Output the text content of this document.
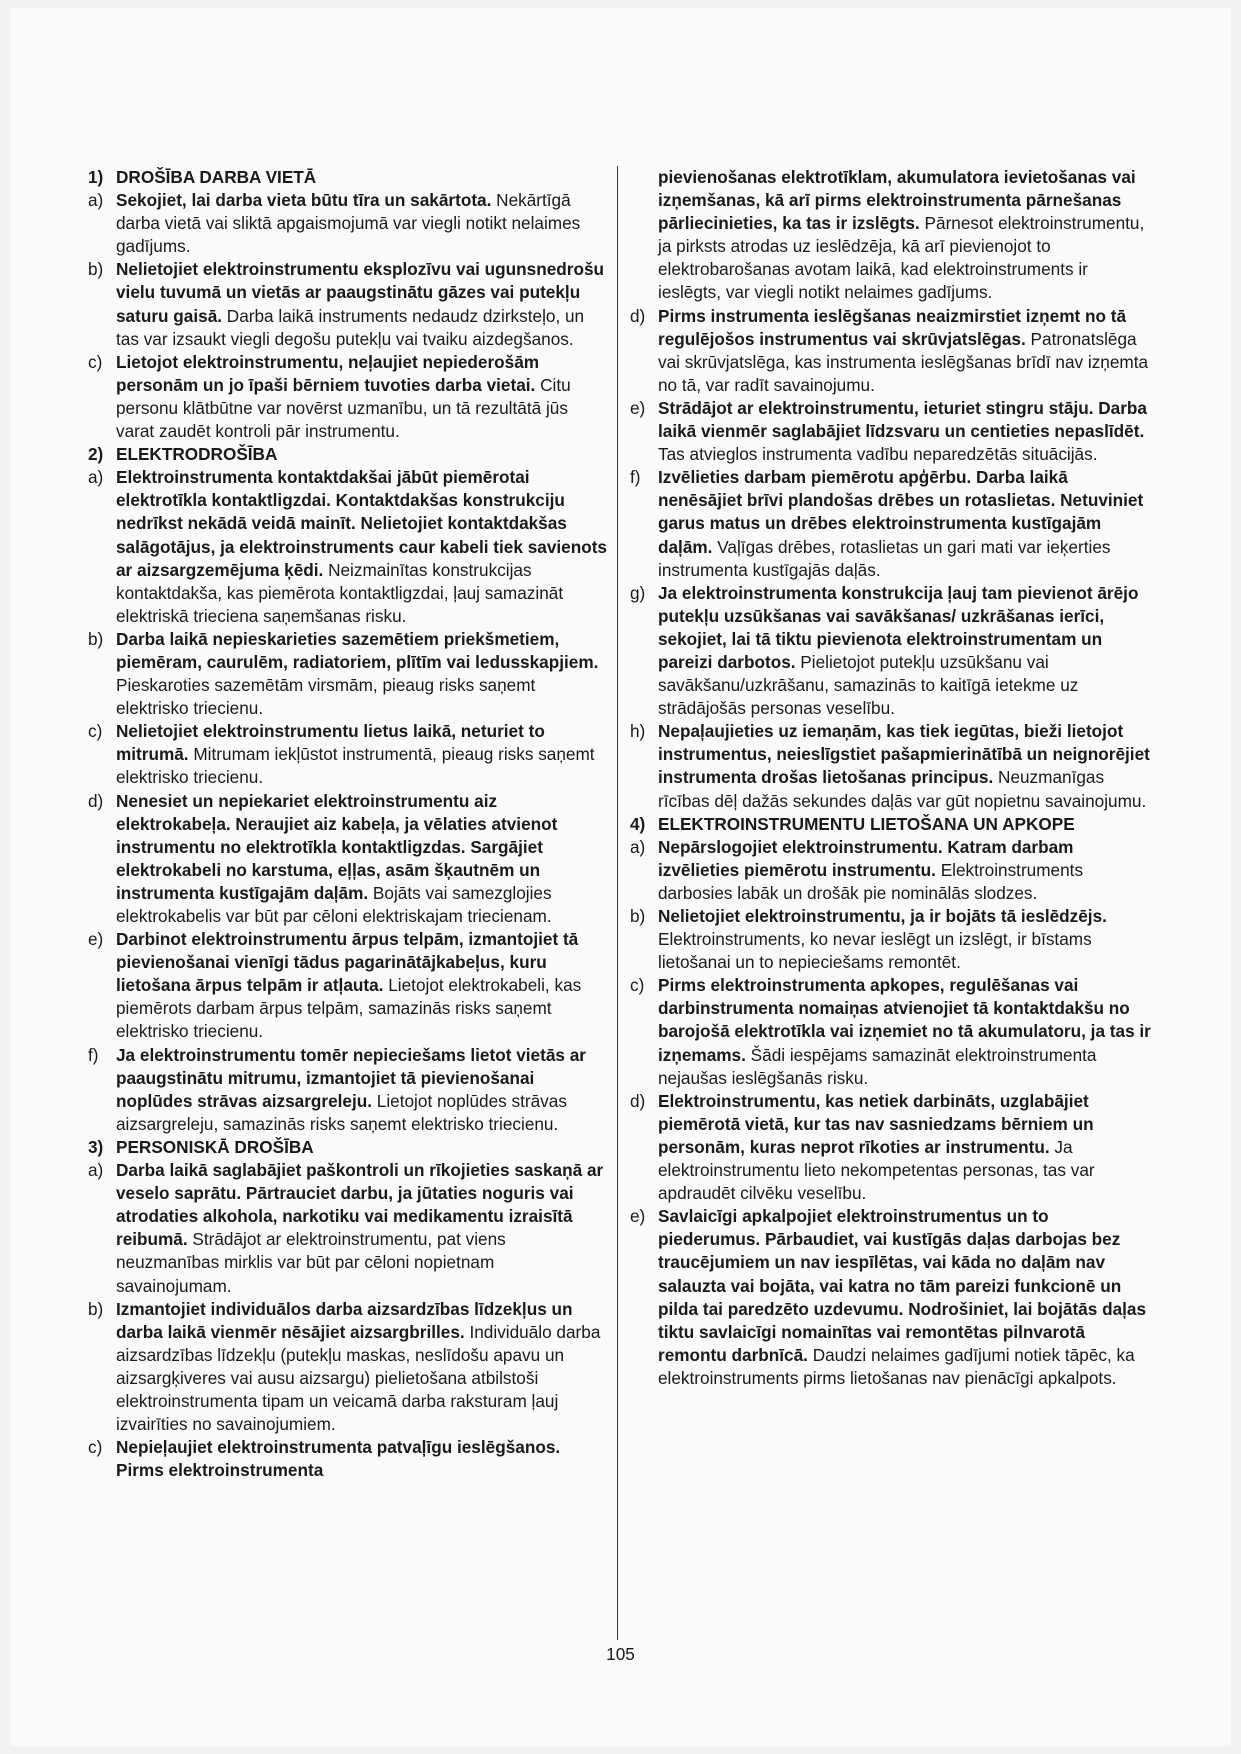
1) DROŠĪBA DARBA VIETĀ

a) Sekojiet, lai darba vieta būtu tīra un sakārtota. Nekārtīgā darba vietā vai sliktā apgaismojumā var viegli notikt nelaimes gadījums.

b) Nelietojiet elektroinstrumentu eksplozīvu vai ugunsnedrošu vielu tuvumā un vietās ar paaugstinātu gāzes vai putekļu saturu gaisā. Darba laikā instruments nedaudz dzirksteļo, un tas var izsaukt viegli degošu putekļu vai tvaiku aizdegšanos.

c) Lietojot elektroinstrumentu, neļaujiet nepiederošām personām un jo īpaši bērniem tuvoties darba vietai. Citu personu klātbūtne var novērst uzmanību, un tā rezultātā jūs varat zaudēt kontroli pār instrumentu.

2) ELEKTRODROŠĪBA

a) Elektroinstrumenta kontaktdakšai jābūt piemērotai elektrotīkla kontaktligzdai. Kontaktdakšas konstrukciju nedrīkst nekādā veidā mainīt. Nelietojiet kontaktdakšas salāgotājus, ja elektroinstruments caur kabeli tiek savienots ar aizsargzemējuma ķēdi. Neizmainītas konstrukcijas kontaktdakša, kas piemērota kontaktligzdai, ļauj samazināt elektriskā trieciena saņemšanas risku.

b) Darba laikā nepieskarieties sazemētiem priekšmetiem, piemēram, caurulēm, radiatoriem, plītīm vai ledusskapjiem. Pieskaroties sazemētām virsmām, pieaug risks saņemt elektrisko triecienu.

c) Nelietojiet elektroinstrumentu lietus laikā, neturiet to mitrumā. Mitrumam iekļūstot instrumentā, pieaug risks saņemt elektrisko triecienu.

d) Nenesiet un nepiekariet elektroinstrumentu aiz elektrokabeļa. Neraujiet aiz kabeļa, ja vēlaties atvienot instrumentu no elektrotīkla kontaktligzdas. Sargājiet elektrokabeli no karstuma, eļļas, asām šķautnēm un instrumenta kustīgajām daļām. Bojāts vai samezglojies elektrokabelis var būt par cēloni elektriskajam triecienam.

e) Darbinot elektroinstrumentu ārpus telpām, izmantojiet tā pievienošanai vienīgi tādus pagarinātājkabeļus, kuru lietošana ārpus telpām ir atļauta. Lietojot elektrokabeli, kas piemērots darbam ārpus telpām, samazinās risks saņemt elektrisko triecienu.

f) Ja elektroinstrumentu tomēr nepieciešams lietot vietās ar paaugstinātu mitrumu, izmantojiet tā pievienošanai noplūdes strāvas aizsargreleju. Lietojot noplūdes strāvas aizsargreleju, samazinās risks saņemt elektrisko triecienu.

3) PERSONISKĀ DROŠĪBA

a) Darba laikā saglabājiet paškontroli un rīkojieties saskaņā ar veselo saprātu. Pārtrauciet darbu, ja jūtaties noguris vai atrodaties alkohola, narkotiku vai medikamentu izraisītā reibumā. Strādājot ar elektroinstrumentu, pat viens neuzmanības mirklis var būt par cēloni nopietnam savainojumam.

b) Izmantojiet individuālos darba aizsardzības līdzekļus un darba laikā vienmēr nēsājiet aizsargbrilles. Individuālo darba aizsardzības līdzekļu (putekļu maskas, neslīdošu apavu un aizsargķiveres vai ausu aizsargu) pielietošana atbilstoši elektroinstrumenta tipam un veicamā darba raksturam ļauj izvairīties no savainojumiem.

c) Nepieļaujiet elektroinstrumenta patvaļīgu ieslēgšanos. Pirms elektroinstrumenta

pievienošanas elektrotīklam, akumulatora ievietošanas vai izņemšanas, kā arī pirms elektroinstrumenta pārnešanas pārliecinieties, ka tas ir izslēgts. Pārnesot elektroinstrumentu, ja pirksts atrodas uz ieslēdzēja, kā arī pievienojot to elektrobarošanas avotam laikā, kad elektroinstruments ir ieslēgts, var viegli notikt nelaimes gadījums.

d) Pirms instrumenta ieslēgšanas neaizmirstiet izņemt no tā regulējošos instrumentus vai skrūvjatslēgas. Patronatslēga vai skrūvjatslēga, kas instrumenta ieslēgšanas brīdī nav izņemta no tā, var radīt savainojumu.

e) Strādājot ar elektroinstrumentu, ieturiet stingru stāju. Darba laikā vienmēr saglabājiet līdzsvaru un centieties nepaslīdēt. Tas atvieglos instrumenta vadību neparedzētās situācijās.

f) Izvēlieties darbam piemērotu apģērbu. Darba laikā nenēsājiet brīvi plandošas drēbes un rotaslietas. Netuviniet garus matus un drēbes elektroinstrumenta kustīgajām daļām. Vaļīgas drēbes, rotaslietas un gari mati var ieķerties instrumenta kustīgajās daļās.

g) Ja elektroinstrumenta konstrukcija ļauj tam pievienot ārējo putekļu uzsūkšanas vai savākšanas/ uzkrāšanas ierīci, sekojiet, lai tā tiktu pievienota elektroinstrumentam un pareizi darbotos. Pielietojot putekļu uzsūkšanu vai savākšanu/uzkrāšanu, samazinās to kaitīgā ietekme uz strādājošās personas veselību.

h) Nepaļaujieties uz iemaņām, kas tiek iegūtas, bieži lietojot instrumentus, neieslīgstiet pašapmierinātībā un neignorējiet instrumenta drošas lietošanas principus. Neuzmanīgas rīcības dēļ dažās sekundes daļās var gūt nopietnu savainojumu.

4) ELEKTROINSTRUMENTU LIETOŠANA UN APKOPE

a) Nepārslogojiet elektroinstrumentu. Katram darbam izvēlieties piemērotu instrumentu. Elektroinstruments darbosies labāk un drošāk pie nominālās slodzes.

b) Nelietojiet elektroinstrumentu, ja ir bojāts tā ieslēdzējs. Elektroinstruments, ko nevar ieslēgt un izslēgt, ir bīstams lietošanai un to nepieciešams remontēt.

c) Pirms elektroinstrumenta apkopes, regulēšanas vai darbinstrumenta nomaiņas atvienojiet tā kontaktdakšu no barojošā elektrotīkla vai izņemiet no tā akumulatoru, ja tas ir izņemams. Šādi iespējams samazināt elektroinstrumenta nejaušas ieslēgšanās risku.

d) Elektroinstrumentu, kas netiek darbināts, uzglabājiet piemērotā vietā, kur tas nav sasniedzams bērniem un personām, kuras neprot rīkoties ar instrumentu. Ja elektroinstrumentu lieto nekompetentas personas, tas var apdraudēt cilvēku veselību.

e) Savlaicīgi apkalpojiet elektroinstrumentus un to piederumus. Pārbaudiet, vai kustīgās daļas darbojas bez traucējumiem un nav iespīlētas, vai kāda no daļām nav salauzta vai bojāta, vai katra no tām pareizi funkcionē un pilda tai paredzēto uzdevumu. Nodrošiniet, lai bojātās daļas tiktu savlaicīgi nomainītas vai remontētas pilnvarotā remontu darbnīcā. Daudzi nelaimes gadījumi notiek tāpēc, ka elektroinstruments pirms lietošanas nav pienācīgi apkalpots.

105
